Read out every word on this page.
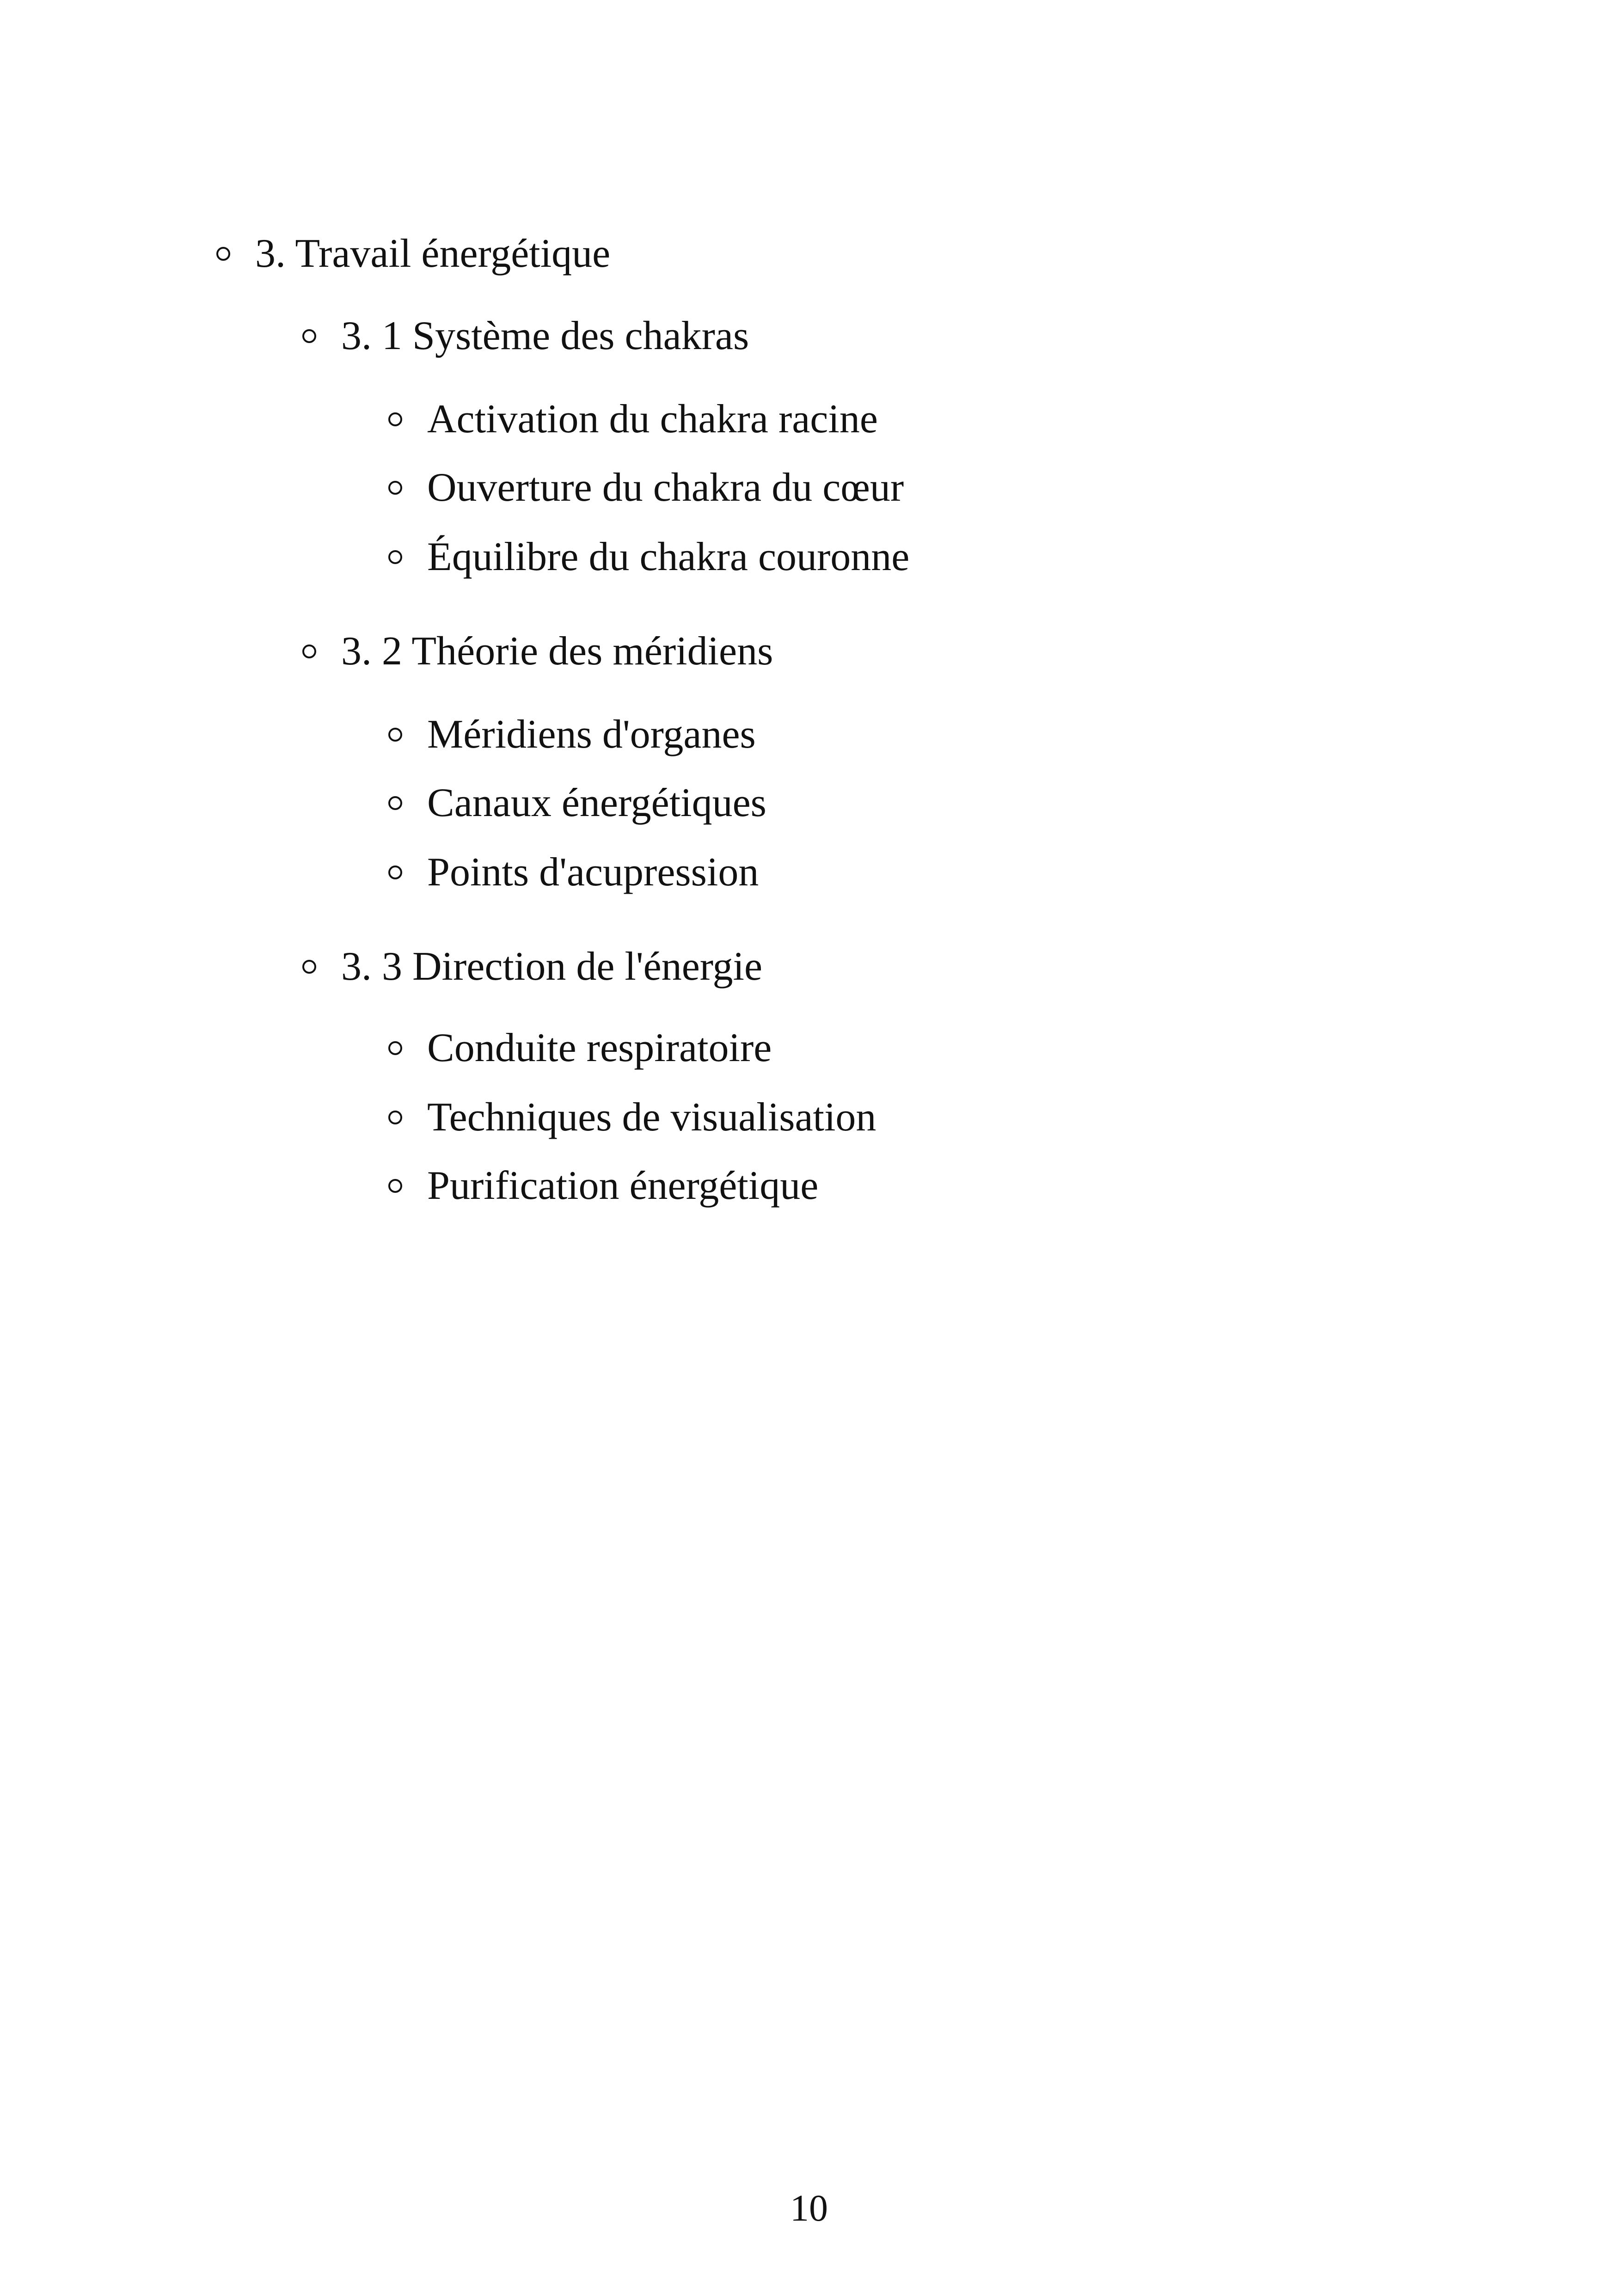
3. Travail énergétique
3. 1 Système des chakras
Activation du chakra racine
Ouverture du chakra du cœur
Équilibre du chakra couronne
3. 2 Théorie des méridiens
Méridiens d'organes
Canaux énergétiques
Points d'acupression
3. 3 Direction de l'énergie
Conduite respiratoire
Techniques de visualisation
Purification énergétique
10
